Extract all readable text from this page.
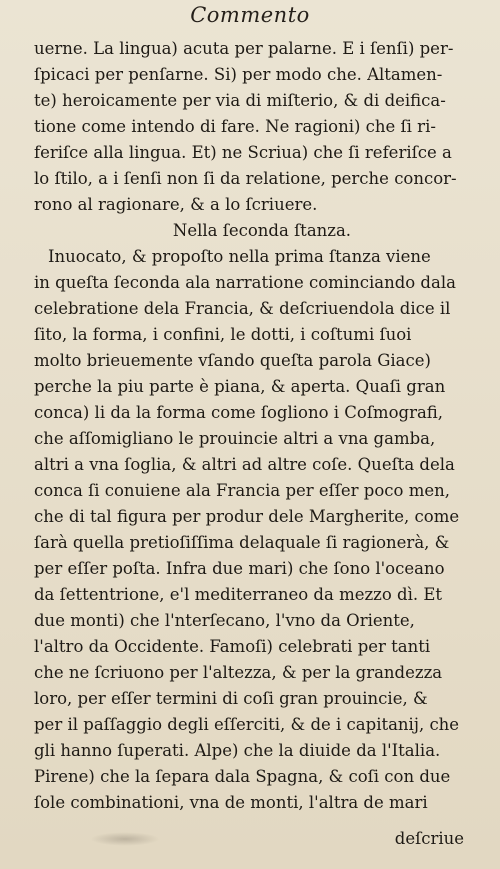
Commento
uerne. La lingua) acuta per palarne. E i ſenſi) per-
ſpicaci per penſarne. Si) per modo che. Altamen-
te) heroicamente per via di miſterio, & di deifica-
tione come intendo di fare. Ne ragioni) che ſi ri-
feriſce alla lingua. Et) ne Scriua) che ſi referiſce a
lo ſtilo, a i ſenſi non ſi da relatione, perche concor-
rono al ragionare, & a lo ſcriuere.
Nella ſeconda ſtanza.
Inuocato, & propoſto nella prima ſtanza viene
in queſta ſeconda ala narratione cominciando dala
celebratione dela Francia, & deſcriuendola dice il
ſito, la forma, i confini, le dotti, i coſtumi ſuoi
molto brieuemente vſando queſta parola Giace)
perche la piu parte è piana, & aperta. Quaſi gran
conca) li da la forma come ſogliono i Coſmografi,
che aſſomigliano le prouincie altri a vna gamba,
altri a vna ſoglia, & altri ad altre coſe. Queſta dela
conca ſi conuiene ala Francia per eſſer poco men,
che di tal figura per produr dele Margherite, come
ſarà quella pretioſiſſima delaquale ſi ragionerà, &
per eſſer poſta. Infra due mari) che ſono l'oceano
da ſettentrione, e'l mediterraneo da mezzo dì. Et
due monti) che l'nterſecano, l'vno da Oriente,
l'altro da Occidente. Famoſi) celebrati per tanti
che ne ſcriuono per l'altezza, & per la grandezza
loro, per eſſer termini di coſi gran prouincie, &
per il paſſaggio degli eſſerciti, & de i capitanij, che
gli hanno ſuperati. Alpe) che la diuide da l'Italia.
Pirene) che la ſepara dala Spagna, & coſi con due
ſole combinationi, vna de monti, l'altra de mari
deſcriue
